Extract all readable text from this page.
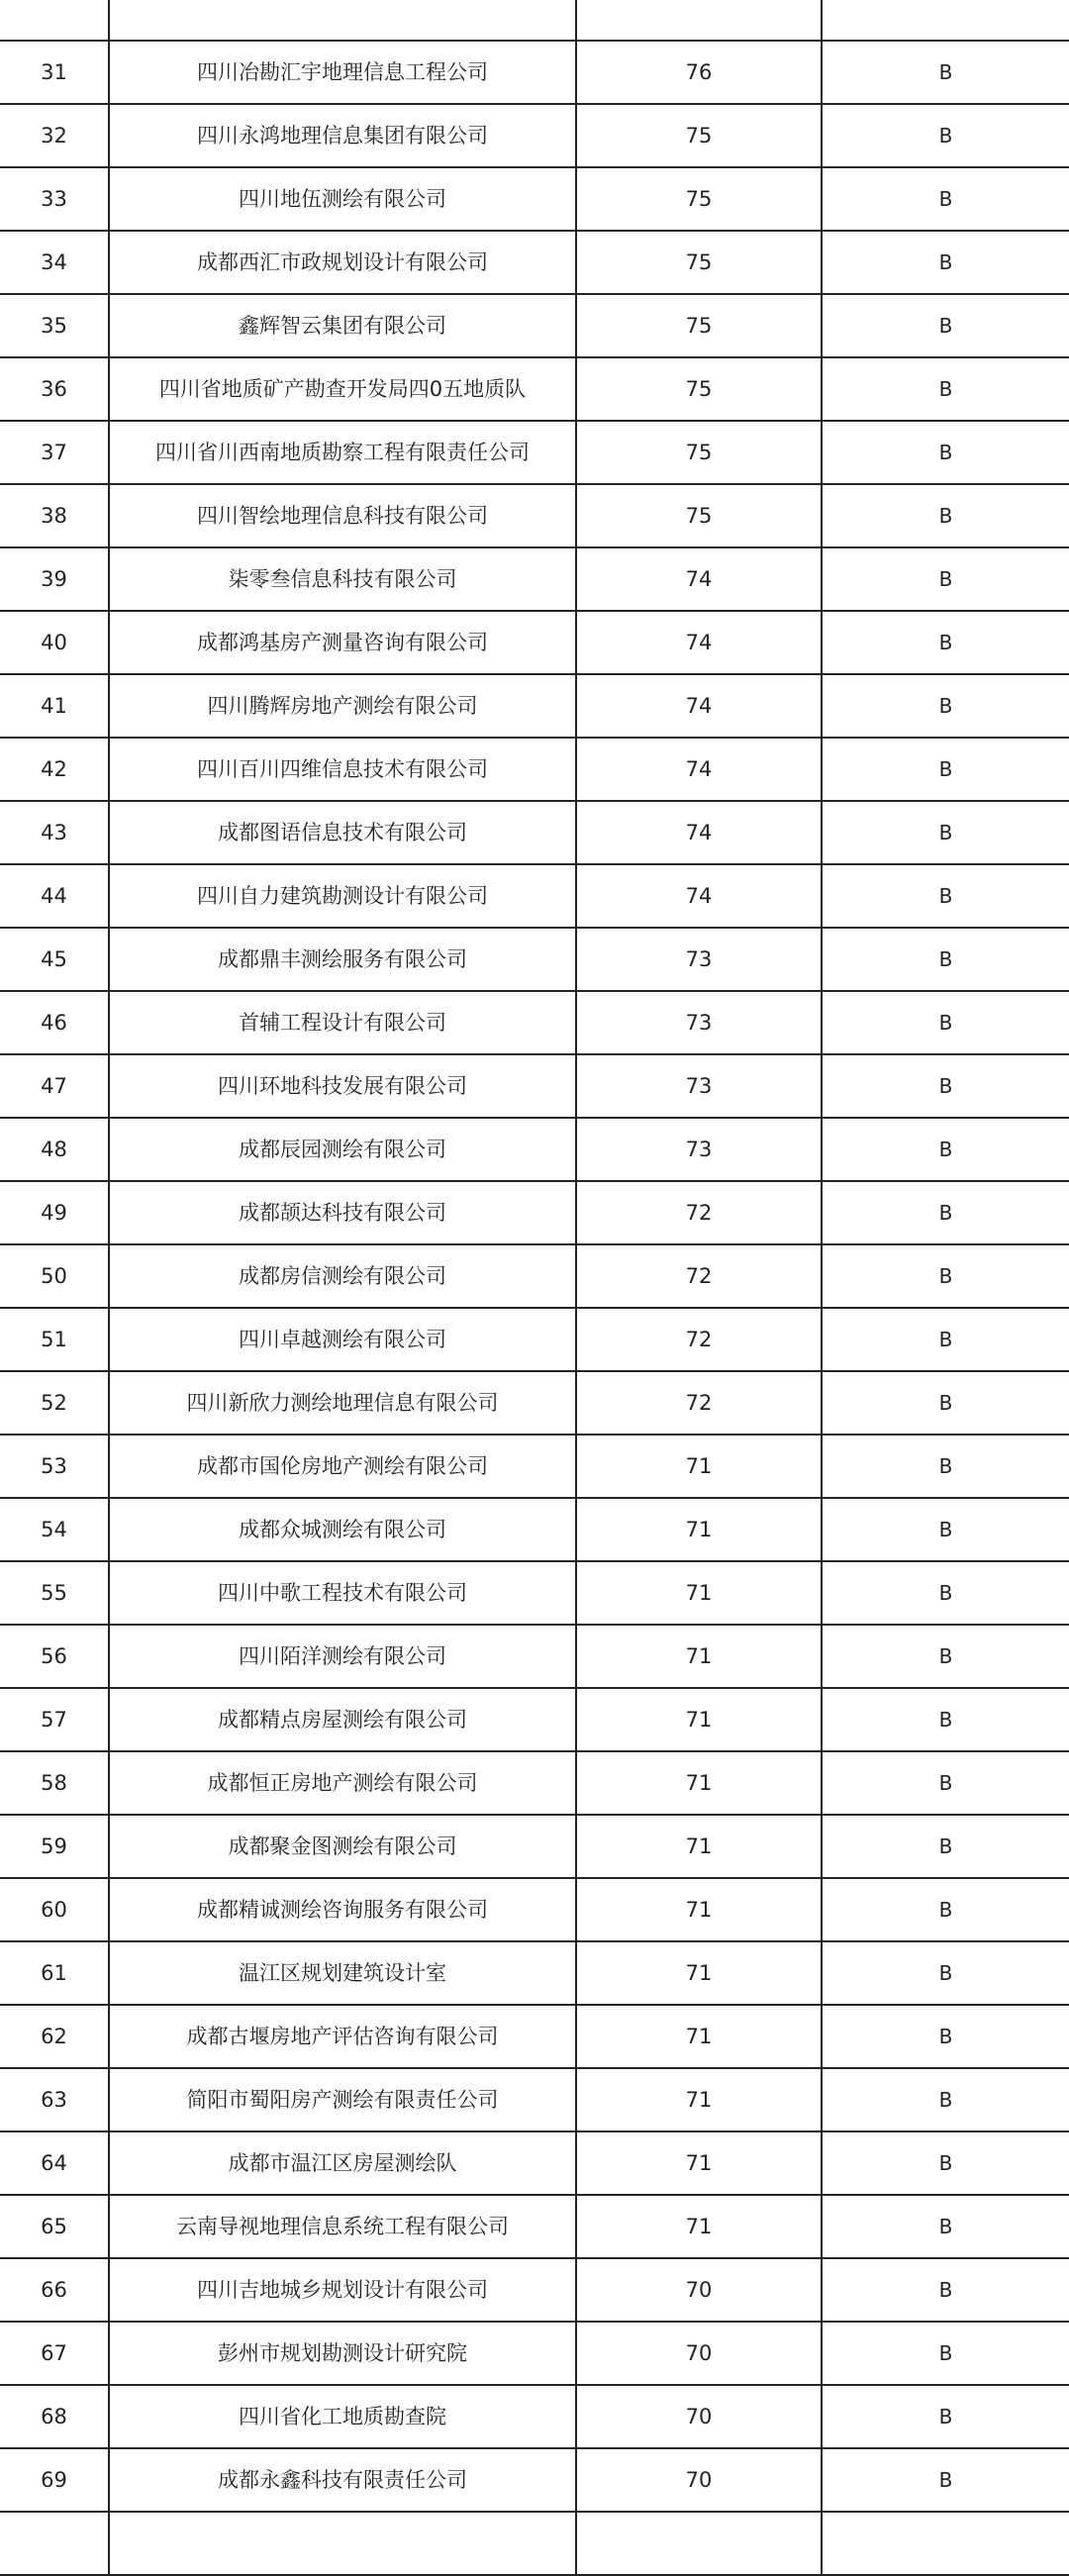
31	四川冶勘汇宇地理信息工程公司	76	B
32	四川永鸿地理信息集团有限公司	75	B
33	四川地伍测绘有限公司	75	B
34	成都西汇市政规划设计有限公司	75	B
35	鑫辉智云集团有限公司	75	B
36	四川省地质矿产勘查开发局四0五地质队	75	B
37	四川省川西南地质勘察工程有限责任公司	75	B
38	四川智绘地理信息科技有限公司	75	B
39	柒零叁信息科技有限公司	74	B
40	成都鸿基房产测量咨询有限公司	74	B
41	四川腾辉房地产测绘有限公司	74	B
42	四川百川四维信息技术有限公司	74	B
43	成都图语信息技术有限公司	74	B
44	四川自力建筑勘测设计有限公司	74	B
45	成都鼎丰测绘服务有限公司	73	B
46	首辅工程设计有限公司	73	B
47	四川环地科技发展有限公司	73	B
48	成都辰园测绘有限公司	73	B
49	成都颉达科技有限公司	72	B
50	成都房信测绘有限公司	72	B
51	四川卓越测绘有限公司	72	B
52	四川新欣力测绘地理信息有限公司	72	B
53	成都市国伦房地产测绘有限公司	71	B
54	成都众城测绘有限公司	71	B
55	四川中歌工程技术有限公司	71	B
56	四川陌洋测绘有限公司	71	B
57	成都精点房屋测绘有限公司	71	B
58	成都恒正房地产测绘有限公司	71	B
59	成都聚金图测绘有限公司	71	B
60	成都精诚测绘咨询服务有限公司	71	B
61	温江区规划建筑设计室	71	B
62	成都古堰房地产评估咨询有限公司	71	B
63	简阳市蜀阳房产测绘有限责任公司	71	B
64	成都市温江区房屋测绘队	71	B
65	云南导视地理信息系统工程有限公司	71	B
66	四川吉地城乡规划设计有限公司	70	B
67	彭州市规划勘测设计研究院	70	B
68	四川省化工地质勘查院	70	B
69	成都永鑫科技有限责任公司	70	B
